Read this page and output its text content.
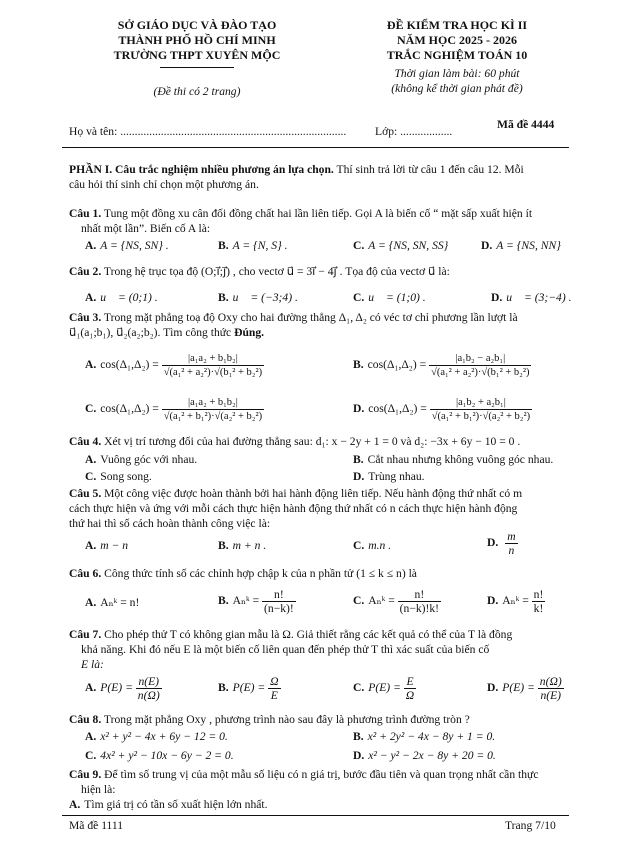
SỞ GIÁO DỤC VÀ ĐÀO TẠO
THÀNH PHỐ HỒ CHÍ MINH
TRƯỜNG THPT XUYÊN MỘC
(Đề thi có 2 trang)
ĐỀ KIỂM TRA HỌC KÌ II
NĂM HỌC 2025 - 2026
TRẮC NGHIỆM TOÁN 10
Thời gian làm bài: 60 phút
(không kể thời gian phát đề)
Họ và tên: .............................................................................. Lớp: ..................
Mã đề 4444
PHẦN I. Câu trắc nghiệm nhiều phương án lựa chọn. Thí sinh trả lời từ câu 1 đến câu 12. Mỗi
câu hỏi thí sinh chỉ chọn một phương án.
Câu 1. Tung một đồng xu cân đối đồng chất hai lần liên tiếp. Gọi A là biến cố “ mặt sấp xuất hiện ít
nhất một lần”. Biến cố A là:
A. A = {NS, SN} .	B. A = {N, S} .	C. A = {NS, SN, SS}	D. A = {NS, NN}
Câu 2. Trong hệ trục tọa độ (O;i⃗;j⃗) , cho vectơ u⃗ = 3i⃗ − 4j⃗ . Tọa độ của vectơ u⃗ là:
A. u⃗ = (0;1) .	B. u⃗ = (−3;4) .	C. u⃗ = (1;0) .	D. u⃗ = (3;−4) .
Câu 3. Trong mặt phẳng toạ độ Oxy cho hai đường thẳng Δ₁, Δ₂ có véc tơ chỉ phương lần lượt là
u⃗₁(a₁;b₁), u⃗₂(a₂;b₂). Tìm công thức Đúng.
A. $\cos(\Delta_1,\Delta_2) = \frac{\text{|a₁a₂ + b₁b₂|}}{\text{√(a₁² + a₂²)·√(b₁² + b₂²)}}$	B. $\cos(\Delta_1,\Delta_2) = \frac{\text{|a₁b₂ − a₂b₁|}}{\text{√(a₁² + a₂²)·√(b₁² + b₂²)}}$
C. $\cos(\Delta_1,\Delta_2) = \frac{\text{|a₁a₂ + b₁b₂|}}{\text{√(a₁² + b₁²)·√(a₂² + b₂²)}}$	D. $\cos(\Delta_1,\Delta_2) = \frac{\text{|a₁b₂ + a₂b₁|}}{\text{√(a₁² + b₁²)·√(a₂² + b₂²)}}$
Câu 4. Xét vị trí tương đối của hai đường thẳng sau: d₁: x − 2y + 1 = 0 và d₂: −3x + 6y − 10 = 0 .
A. Vuông góc với nhau.	B. Cắt nhau nhưng không vuông góc nhau.
C. Song song.	D. Trùng nhau.
Câu 5. Một công việc được hoàn thành bởi hai hành động liên tiếp. Nếu hành động thứ nhất có m
cách thực hiện và ứng với mỗi cách thực hiện hành động thứ nhất có n cách thực hiện hành động
thứ hai thì số cách hoàn thành công việc là:
A. m − n	B. m + n .	C. m.n .	D. $\frac{m}{n}$
Câu 6. Công thức tính số các chỉnh hợp chập k của n phần tử (1 ≤ k ≤ n) là
A. Aₙᵏ = n!	B. Aₙᵏ = $\frac{n!}{(n-k)!}$	C. Aₙᵏ = $\frac{n!}{(n-k)!k!}$	D. Aₙᵏ = $\frac{n!}{k!}$
Câu 7. Cho phép thử T có không gian mẫu là Ω. Giả thiết rằng các kết quả có thể của T là đồng
khả năng. Khi đó nếu E là một biến cố liên quan đến phép thử T thì xác suất của biến cố
E là:
A. $P(E) = \frac{n(E)}{n(\Omega)}$	B. $P(E) = \frac{\Omega}{E}$	C. $P(E) = \frac{E}{\Omega}$	D. $P(E) = \frac{n(\Omega)}{n(E)}$
Câu 8. Trong mặt phẳng Oxy , phương trình nào sau đây là phương trình đường tròn ?
A. x² + y² − 4x + 6y − 12 = 0.	B. x² + 2y² − 4x − 8y + 1 = 0.
C. 4x² + y² − 10x − 6y − 2 = 0.	D. x² − y² − 2x − 8y + 20 = 0.
Câu 9. Để tìm số trung vị của một mẫu số liệu có n giá trị, bước đầu tiên và quan trọng nhất cần thực
hiện là:
A. Tìm giá trị có tần số xuất hiện lớn nhất.
Mã đề 1111	Trang 7/10
